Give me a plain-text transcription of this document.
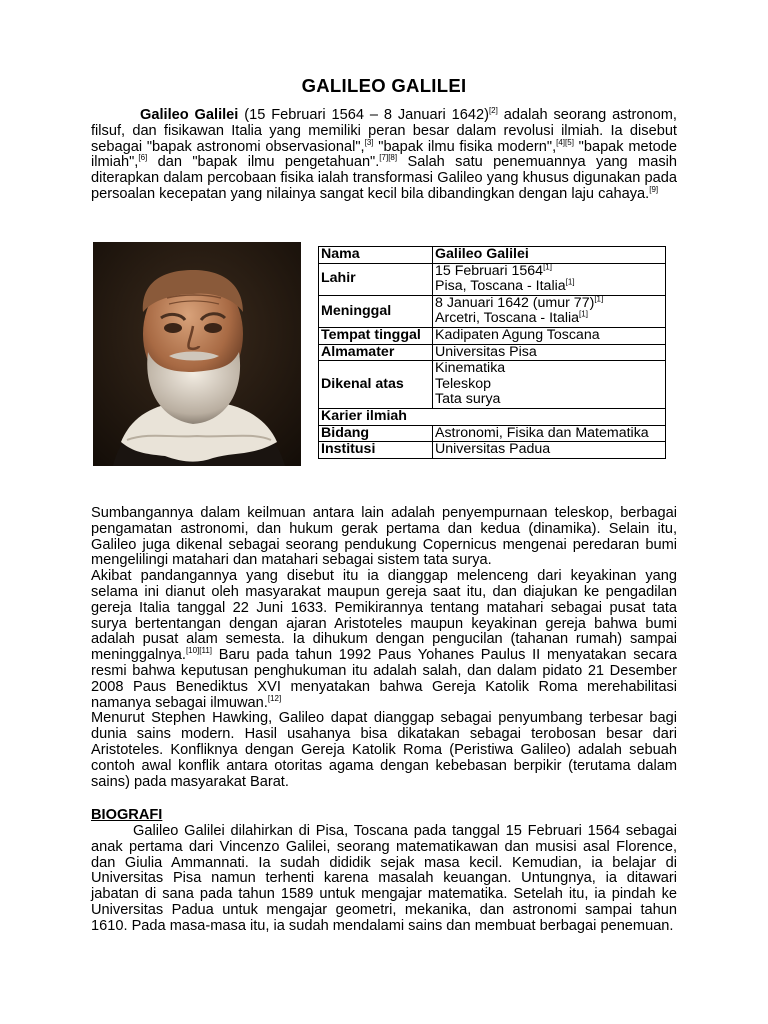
GALILEO GALILEI
Galileo Galilei (15 Februari 1564 – 8 Januari 1642)[2] adalah seorang astronom, filsuf, dan fisikawan Italia yang memiliki peran besar dalam revolusi ilmiah. Ia disebut sebagai "bapak astronomi observasional",[3] "bapak ilmu fisika modern",[4][5] "bapak metode ilmiah",[6] dan "bapak ilmu pengetahuan".[7][8] Salah satu penemuannya yang masih diterapkan dalam percobaan fisika ialah transformasi Galileo yang khusus digunakan pada persoalan kecepatan yang nilainya sangat kecil bila dibandingkan dengan laju cahaya.[9]
Nama	Galileo Galilei
Lahir	15 Februari 1564[1]
Pisa, Toscana - Italia[1]

Meninggal	8 Januari 1642 (umur 77)[1]
Arcetri, Toscana - Italia[1]

Tempat tinggal	Kadipaten Agung Toscana
Almamater	Universitas Pisa
Dikenal atas	Kinematika
Teleskop
Tata surya

Karier ilmiah	
Bidang	Astronomi, Fisika dan Matematika
Institusi	Universitas Padua

Sumbangannya dalam keilmuan antara lain adalah penyempurnaan teleskop, berbagai pengamatan astronomi, dan hukum gerak pertama dan kedua (dinamika). Selain itu, Galileo juga dikenal sebagai seorang pendukung Copernicus mengenai peredaran bumi mengelilingi matahari dan matahari sebagai sistem tata surya.

Akibat pandangannya yang disebut itu ia dianggap melenceng dari keyakinan yang selama ini dianut oleh masyarakat maupun gereja saat itu, dan diajukan ke pengadilan gereja Italia tanggal 22 Juni 1633. Pemikirannya tentang matahari sebagai pusat tata surya bertentangan dengan ajaran Aristoteles maupun keyakinan gereja bahwa bumi adalah pusat alam semesta. Ia dihukum dengan pengucilan (tahanan rumah) sampai meninggalnya.[10][11] Baru pada tahun 1992 Paus Yohanes Paulus II menyatakan secara resmi bahwa keputusan penghukuman itu adalah salah, dan dalam pidato 21 Desember 2008 Paus Benediktus XVI menyatakan bahwa Gereja Katolik Roma merehabilitasi namanya sebagai ilmuwan.[12]

Menurut Stephen Hawking, Galileo dapat dianggap sebagai penyumbang terbesar bagi dunia sains modern. Hasil usahanya bisa dikatakan sebagai terobosan besar dari Aristoteles. Konfliknya dengan Gereja Katolik Roma (Peristiwa Galileo) adalah sebuah contoh awal konflik antara otoritas agama dengan kebebasan berpikir (terutama dalam sains) pada masyarakat Barat.

BIOGRAFI
Galileo Galilei dilahirkan di Pisa, Toscana pada tanggal 15 Februari 1564 sebagai anak pertama dari Vincenzo Galilei, seorang matematikawan dan musisi asal Florence, dan Giulia Ammannati. Ia sudah dididik sejak masa kecil. Kemudian, ia belajar di Universitas Pisa namun terhenti karena masalah keuangan. Untungnya, ia ditawari jabatan di sana pada tahun 1589 untuk mengajar matematika. Setelah itu, ia pindah ke Universitas Padua untuk mengajar geometri, mekanika, dan astronomi sampai tahun 1610. Pada masa-masa itu, ia sudah mendalami sains dan membuat berbagai penemuan.
